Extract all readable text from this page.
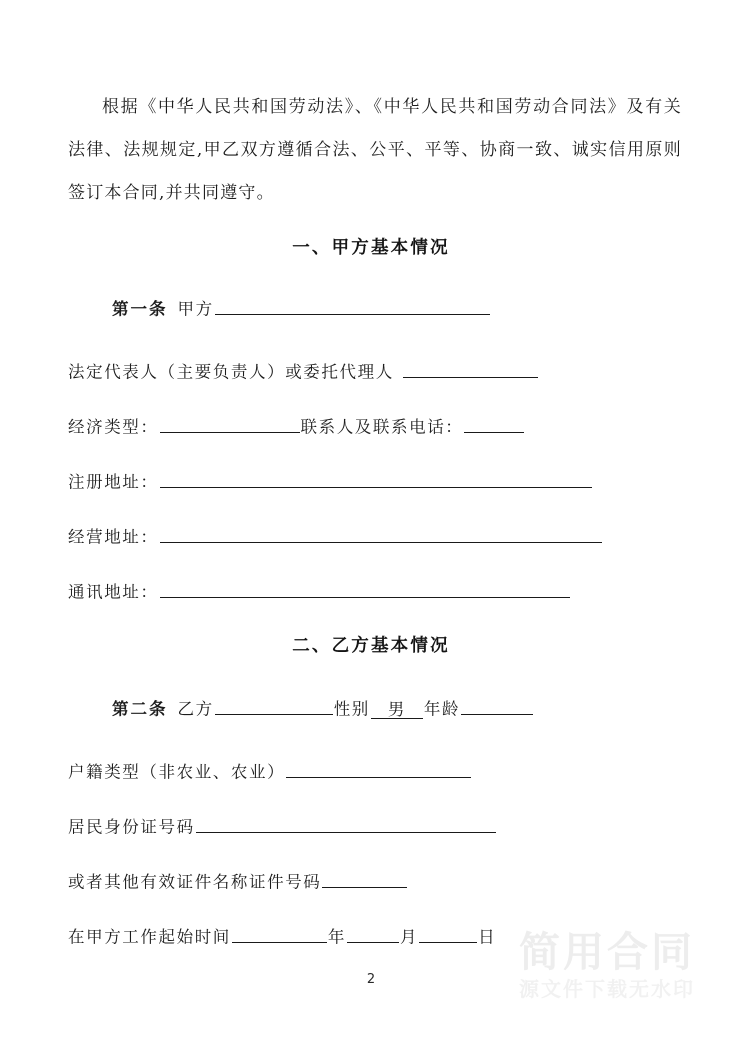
根据《中华人民共和国劳动法》、《中华人民共和国劳动合同法》及有关法律、法规规定,甲乙双方遵循合法、公平、平等、协商一致、诚实信用原则签订本合同,并共同遵守。
一、甲方基本情况
第一条 甲方
法定代表人（主要负责人）或委托代理人
经济类型：	联系人及联系电话：
注册地址：
经营地址：
通讯地址：
二、乙方基本情况
第二条 乙方	性别 男 年龄
户籍类型（非农业、农业）
居民身份证号码
或者其他有效证件名称证件号码
在甲方工作起始时间	年	月	日 简用合同
源文件下载无水印
2
